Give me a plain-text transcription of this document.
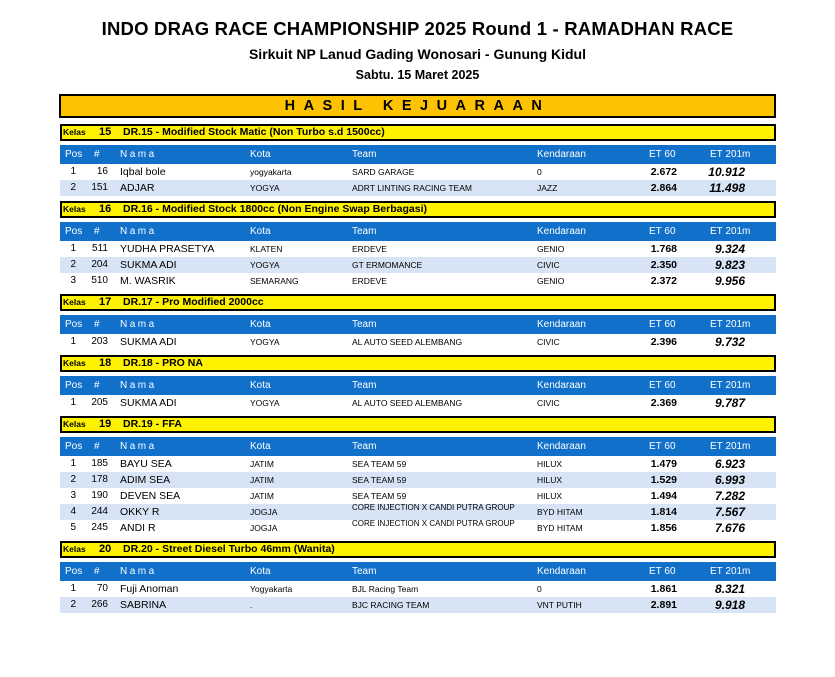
INDO DRAG RACE CHAMPIONSHIP 2025 Round 1 - RAMADHAN RACE
Sirkuit NP Lanud Gading Wonosari - Gunung Kidul
Sabtu. 15 Maret 2025
HASIL KEJUARAAN
Kelas 15 DR.15 - Modified Stock Matic (Non Turbo s.d 1500cc)
Pos # Nama	Kota	Team	Kendaraan	ET 60	ET 201m
1	16 Iqbal bole	yogyakarta	SARD GARAGE	0	2.672	10.912
2	151 ADJAR	YOGYA	ADRT LINTING RACING TEAM	JAZZ	2.864	11.498
Kelas 16 DR.16 - Modified Stock 1800cc (Non Engine Swap Berbagasi)
Pos # Nama	Kota	Team	Kendaraan	ET 60	ET 201m
1	511 YUDHA PRASETYA	KLATEN	ERDEVE	GENIO	1.768	9.324
2	204 SUKMA ADI	YOGYA	GT ERMOMANCE	CIVIC	2.350	9.823
3	510 M. WASRIK	SEMARANG	ERDEVE	GENIO	2.372	9.956
Kelas 17 DR.17 - Pro Modified 2000cc
Pos # Nama	Kota	Team	Kendaraan	ET 60	ET 201m
1	203 SUKMA ADI	YOGYA	AL AUTO SEED ALEMBANG	CIVIC	2.396	9.732
Kelas 18 DR.18 - PRO NA
Pos # Nama	Kota	Team	Kendaraan	ET 60	ET 201m
1	205 SUKMA ADI	YOGYA	AL AUTO SEED ALEMBANG	CIVIC	2.369	9.787
Kelas 19 DR.19 - FFA
Pos # Nama	Kota	Team	Kendaraan	ET 60	ET 201m
1	185 BAYU SEA	JATIM	SEA TEAM 59	HILUX	1.479	6.923
2	178 ADIM SEA	JATIM	SEA TEAM 59	HILUX	1.529	6.993
3	190 DEVEN SEA	JATIM	SEA TEAM 59	HILUX	1.494	7.282
4	244 OKKY R	JOGJA	CORE INJECTION X CANDI PUTRA GROUP	BYD HITAM	1.814	7.567
5	245 ANDI R	JOGJA	CORE INJECTION X CANDI PUTRA GROUP	BYD HITAM	1.856	7.676
Kelas 20 DR.20 - Street Diesel Turbo 46mm (Wanita)
Pos # Nama	Kota	Team	Kendaraan	ET 60	ET 201m
1	70 Fuji Anoman	Yogyakarta	BJL Racing Team	0	1.861	8.321
2	266 SABRINA	.	BJC RACING TEAM	VNT PUTIH	2.891	9.918
